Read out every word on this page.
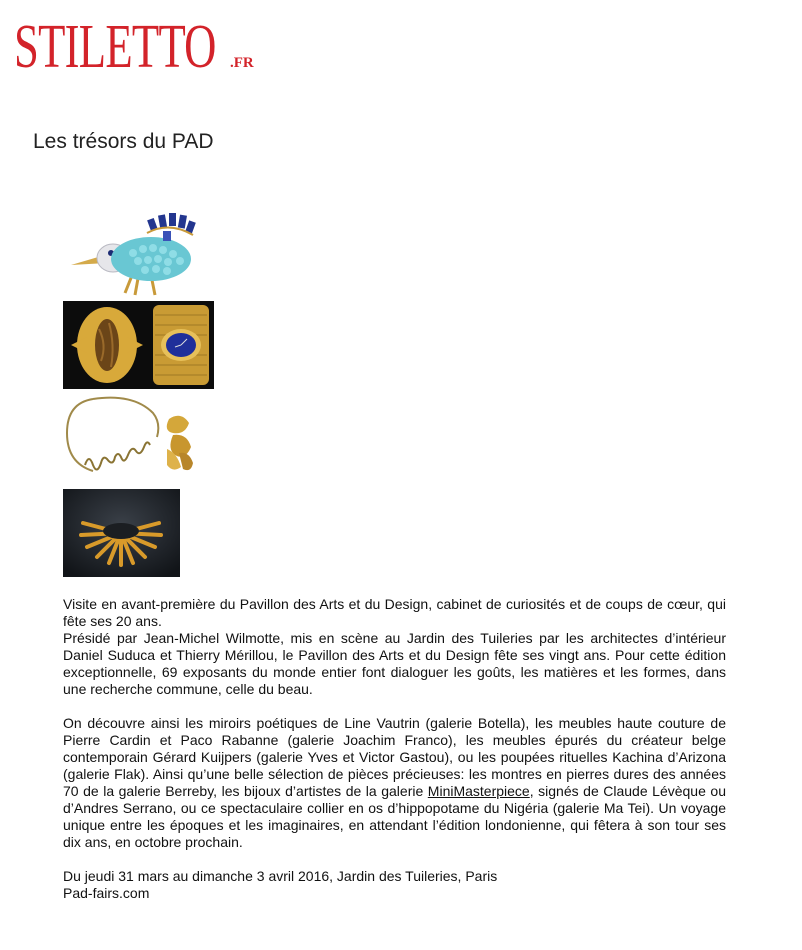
STILETTO .FR
Les trésors du PAD

Visite en avant-première du Pavillon des Arts et du Design, cabinet de curiosités et de coups de cœur, qui fête ses 20 ans.

Présidé par Jean-Michel Wilmotte, mis en scène au Jardin des Tuileries par les architectes d’intérieur Daniel Suduca et Thierry Mérillou, le Pavillon des Arts et du Design fête ses vingt ans. Pour cette édition exceptionnelle, 69 exposants du monde entier font dialoguer les goûts, les matières et les formes, dans une recherche commune, celle du beau.

On découvre ainsi les miroirs poétiques de Line Vautrin (galerie Botella), les meubles haute couture de Pierre Cardin et Paco Rabanne (galerie Joachim Franco), les meubles épurés du créateur belge contemporain Gérard Kuijpers (galerie Yves et Victor Gastou), ou les poupées rituelles Kachina d’Arizona (galerie Flak). Ainsi qu’une belle sélection de pièces précieuses: les montres en pierres dures des années 70 de la galerie Berreby, les bijoux d’artistes de la galerie MiniMasterpiece, signés de Claude Lévèque ou d’Andres Serrano, ou ce spectaculaire collier en os d’hippopotame du Nigéria (galerie Ma Tei). Un voyage unique entre les époques et les imaginaires, en attendant l’édition londonienne, qui fêtera à son tour ses dix ans, en octobre prochain.

Du jeudi 31 mars au dimanche 3 avril 2016, Jardin des Tuileries, Paris

Pad-fairs.com
